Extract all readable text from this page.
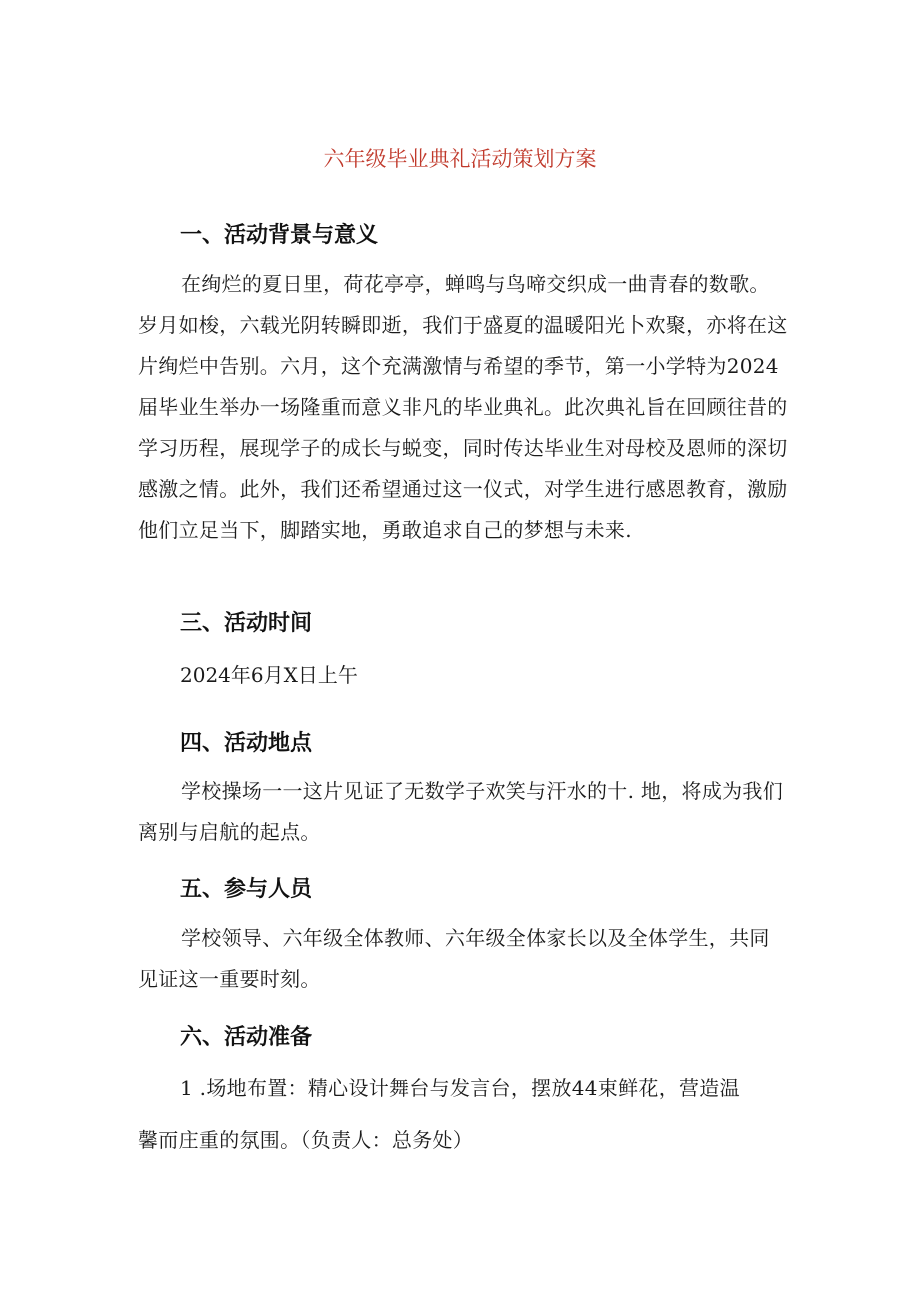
六年级毕业典礼活动策划方案
一、活动背景与意义
在绚烂的夏日里，荷花亭亭，蝉鸣与鸟啼交织成一曲青春的数歌。岁月如梭，六载光阴转瞬即逝，我们于盛夏的温暖阳光卜欢聚，亦将在这片绚烂中告别。六月，这个充满激情与希望的季节，第一小学特为2024届毕业生举办一场隆重而意义非凡的毕业典礼。此次典礼旨在回顾往昔的学习历程，展现学子的成长与蜕变，同时传达毕业生对母校及恩师的深切感激之情。此外，我们还希望通过这一仪式，对学生进行感恩教育，激励他们立足当下，脚踏实地，勇敢追求自己的梦想与未来.
三、活动时间
2024年6月X日上午
四、活动地点
学校操场一一这片见证了无数学子欢笑与汗水的十. 地，将成为我们离别与启航的起点。
五、参与人员
学校领导、六年级全体教师、六年级全体家长以及全体学生，共同见证这一重要时刻。
六、活动准备
1 .场地布置：精心设计舞台与发言台，摆放44束鲜花，营造温
馨而庄重的氛围。（负责人：总务处）
